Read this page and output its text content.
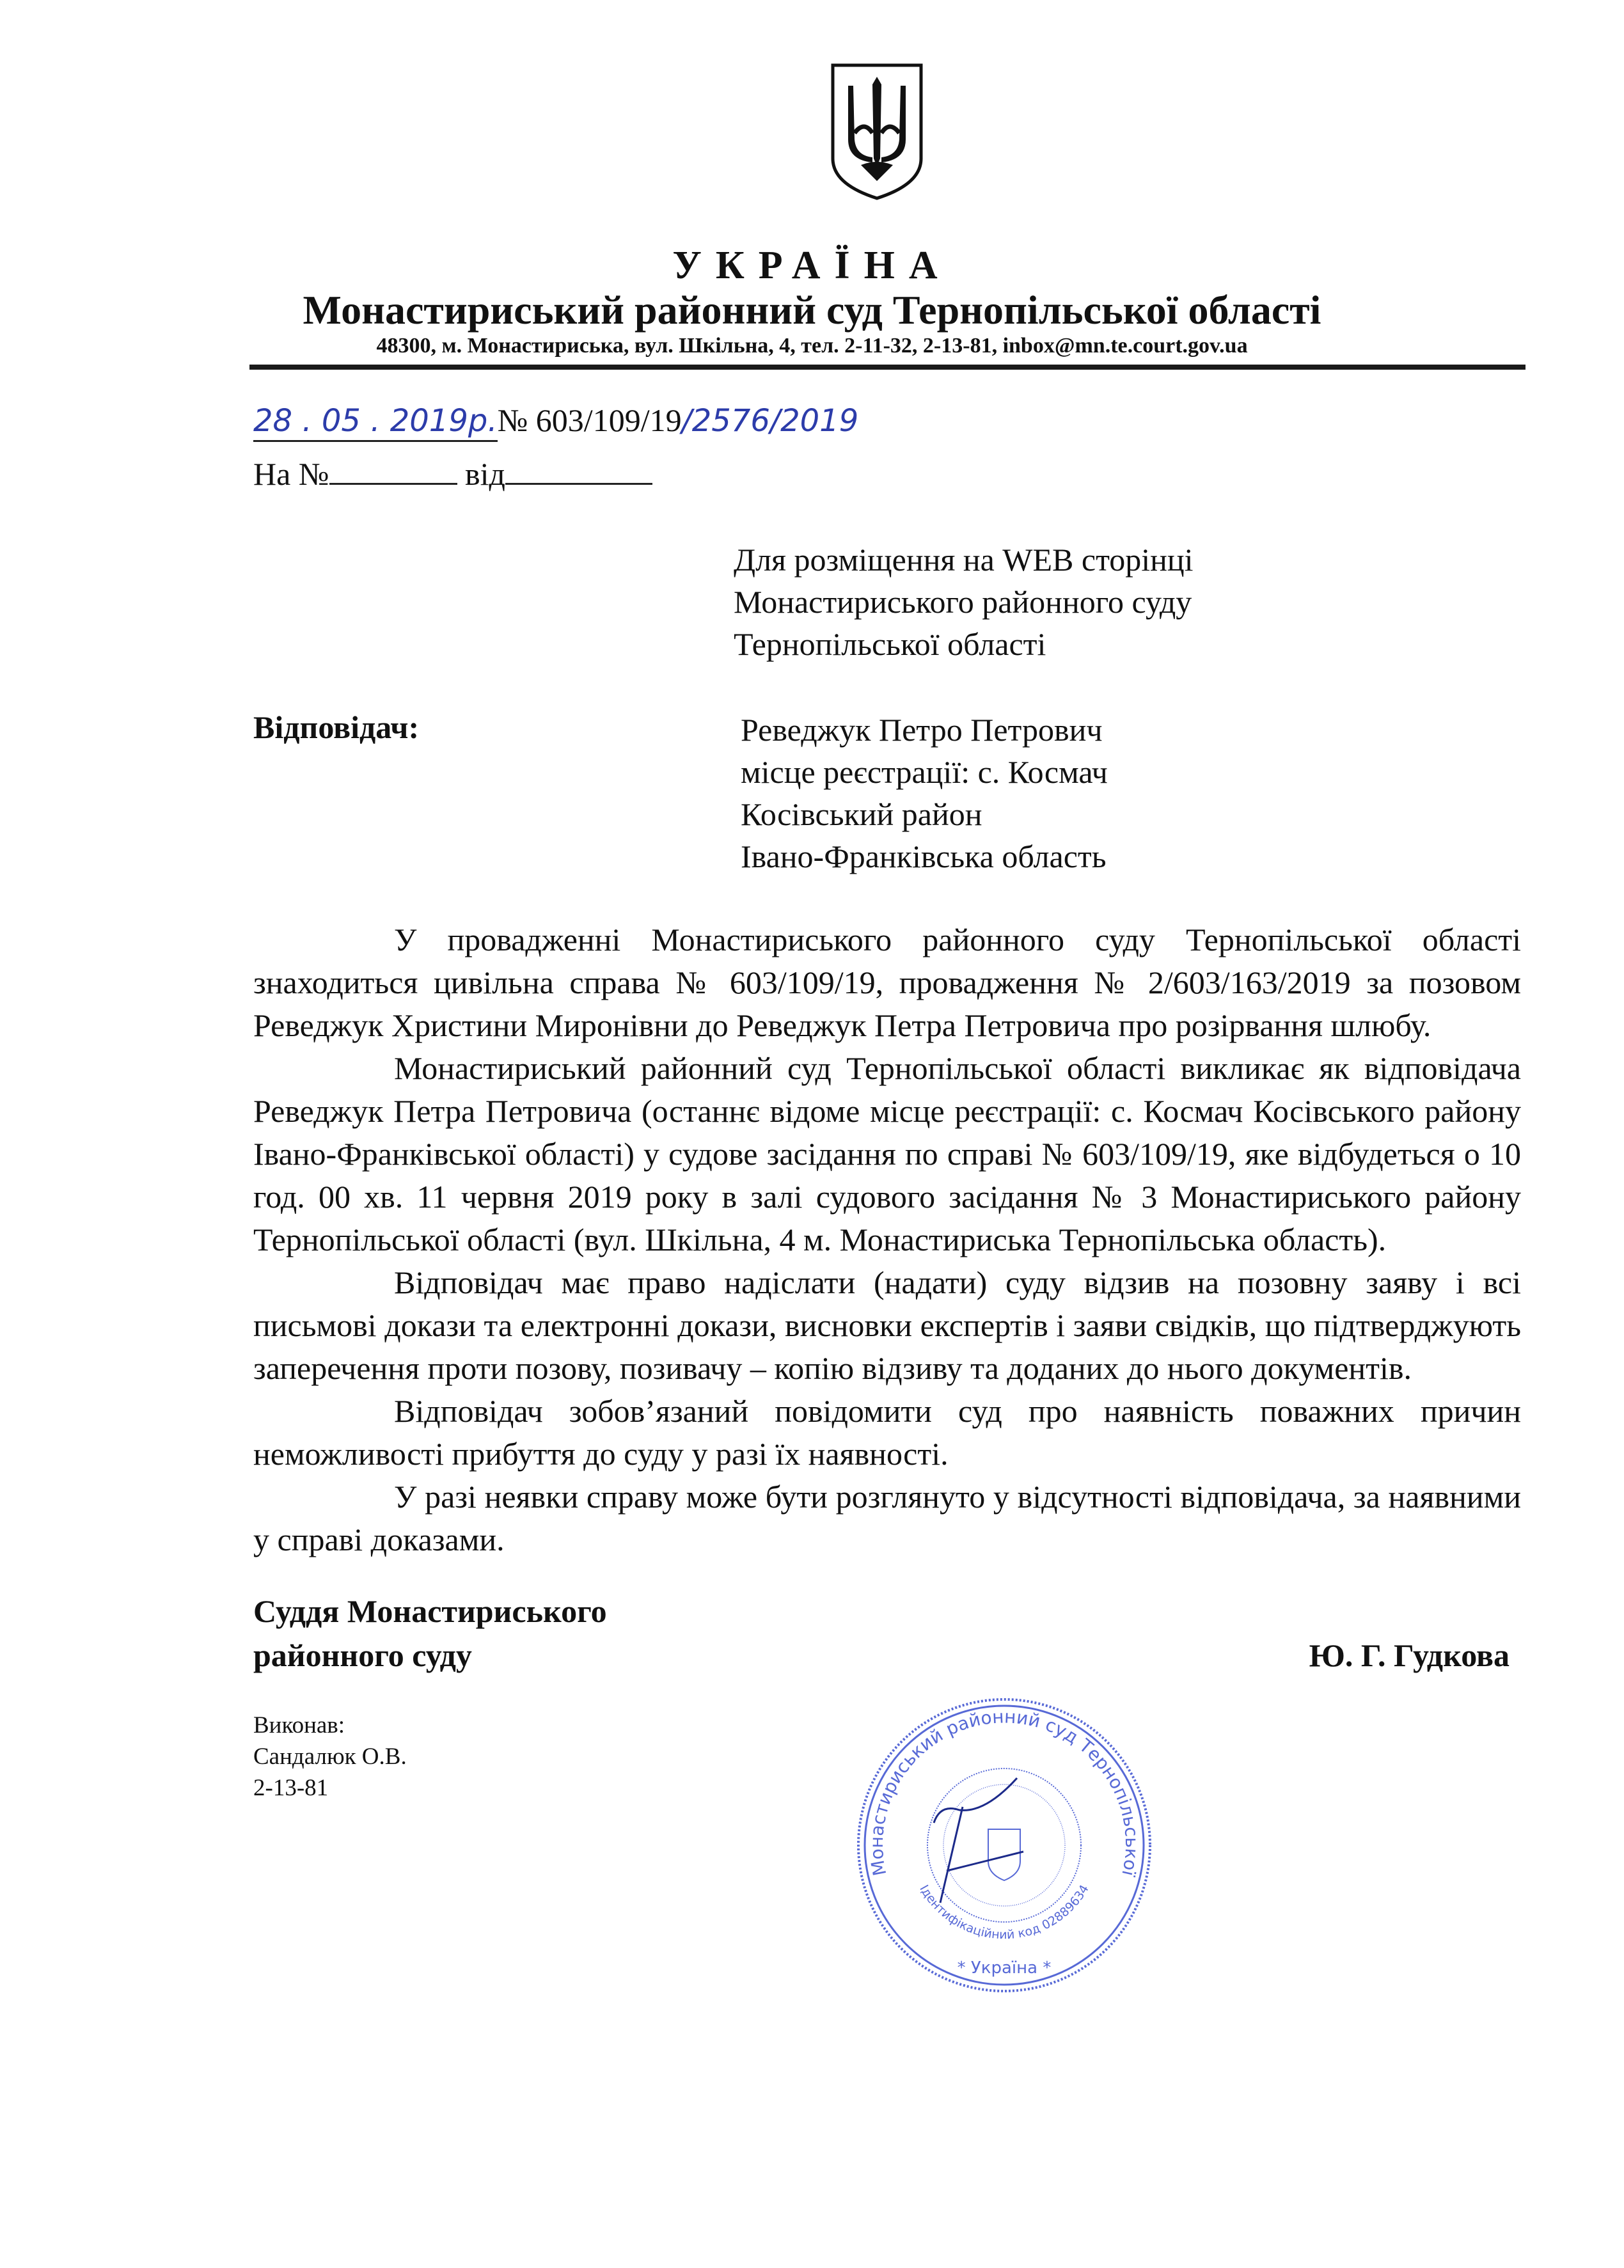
УКРАЇНА
Монастириський районний суд Тернопільської області
48300, м. Монастириська, вул. Шкільна, 4, тел. 2-11-32, 2-13-81, inbox@mn.te.court.gov.ua
28 . 05 . 2019р.№ 603/109/19/2576/2019
На №	від
Для розміщення на WEB сторінці
Монастириського районного суду
Тернопільської області
Відповідач:	Реведжук Петро Петрович
місце реєстрації: с. Космач
Косівський район
Івано-Франківська область

У провадженні Монастириського районного суду Тернопільської області знаходиться цивільна справа № 603/109/19, провадження № 2/603/163/2019 за позовом Реведжук Христини Миронівни до Реведжук Петра Петровича про розірвання шлюбу.

Монастириський районний суд Тернопільської області викликає як відповідача Реведжук Петра Петровича (останнє відоме місце реєстрації: с. Космач Косівського району Івано-Франківської області) у судове засідання по справі № 603/109/19, яке відбудеться о 10 год. 00 хв. 11 червня 2019 року в залі судового засідання № 3 Монастириського району Тернопільської області (вул. Шкільна, 4 м. Монастириська Тернопільська область).

Відповідач має право надіслати (надати) суду відзив на позовну заяву і всі письмові докази та електронні докази, висновки експертів і заяви свідків, що підтверджують заперечення проти позову, позивачу – копію відзиву та доданих до нього документів.

Відповідач зобов’язаний повідомити суд про наявність поважних причин неможливості прибуття до суду у разі їх наявності.

У разі неявки справу може бути розглянуто у відсутності відповідача, за наявними у справі доказами.

Суддя Монастириського
районного суду	Ю. Г. Гудкова
Виконав:
Сандалюк О.В.
2-13-81
Монастириський районний суд Тернопільської
Ідентифікаційний код 02889634
* Україна *
